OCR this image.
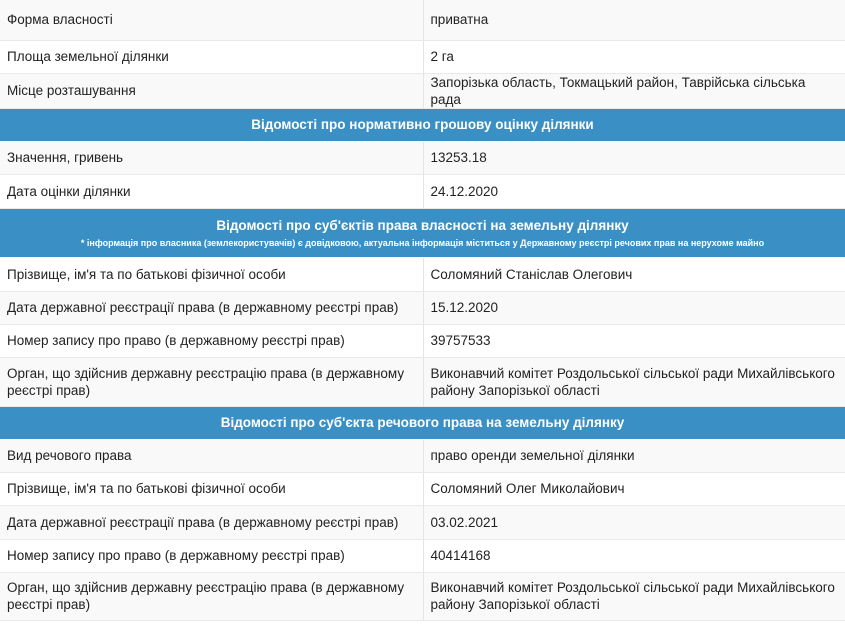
Форма власності	приватна
Площа земельної ділянки	2 га
Місце розташування	Запорізька область, Токмацький район, Таврійська сільська рада
Відомості про нормативно грошову оцінку ділянки	
Значення, гривень	13253.18
Дата оцінки ділянки	24.12.2020
Відомості про суб'єктів права власності на земельну ділянку
* інформація про власника (землекористувачів) є довідковою, актуальна інформація міститься у Державному реєстрі речових прав на нерухоме майно	

Прізвище, ім'я та по батькові фізичної особи	Соломяний Станіслав Олегович
Дата державної реєстрації права (в державному реєстрі прав)	15.12.2020
Номер запису про право (в державному реєстрі прав)	39757533
Орган, що здійснив державну реєстрацію права (в державному реєстрі прав)	Виконавчий комітет Роздольської сільської ради Михайлівського району Запорізької області
Відомості про суб'єкта речового права на земельну ділянку	
Вид речового права	право оренди земельної ділянки
Прізвище, ім'я та по батькові фізичної особи	Соломяний Олег Миколайович
Дата державної реєстрації права (в державному реєстрі прав)	03.02.2021
Номер запису про право (в державному реєстрі прав)	40414168
Орган, що здійснив державну реєстрацію права (в державному реєстрі прав)	Виконавчий комітет Роздольської сільської ради Михайлівського району Запорізької області
